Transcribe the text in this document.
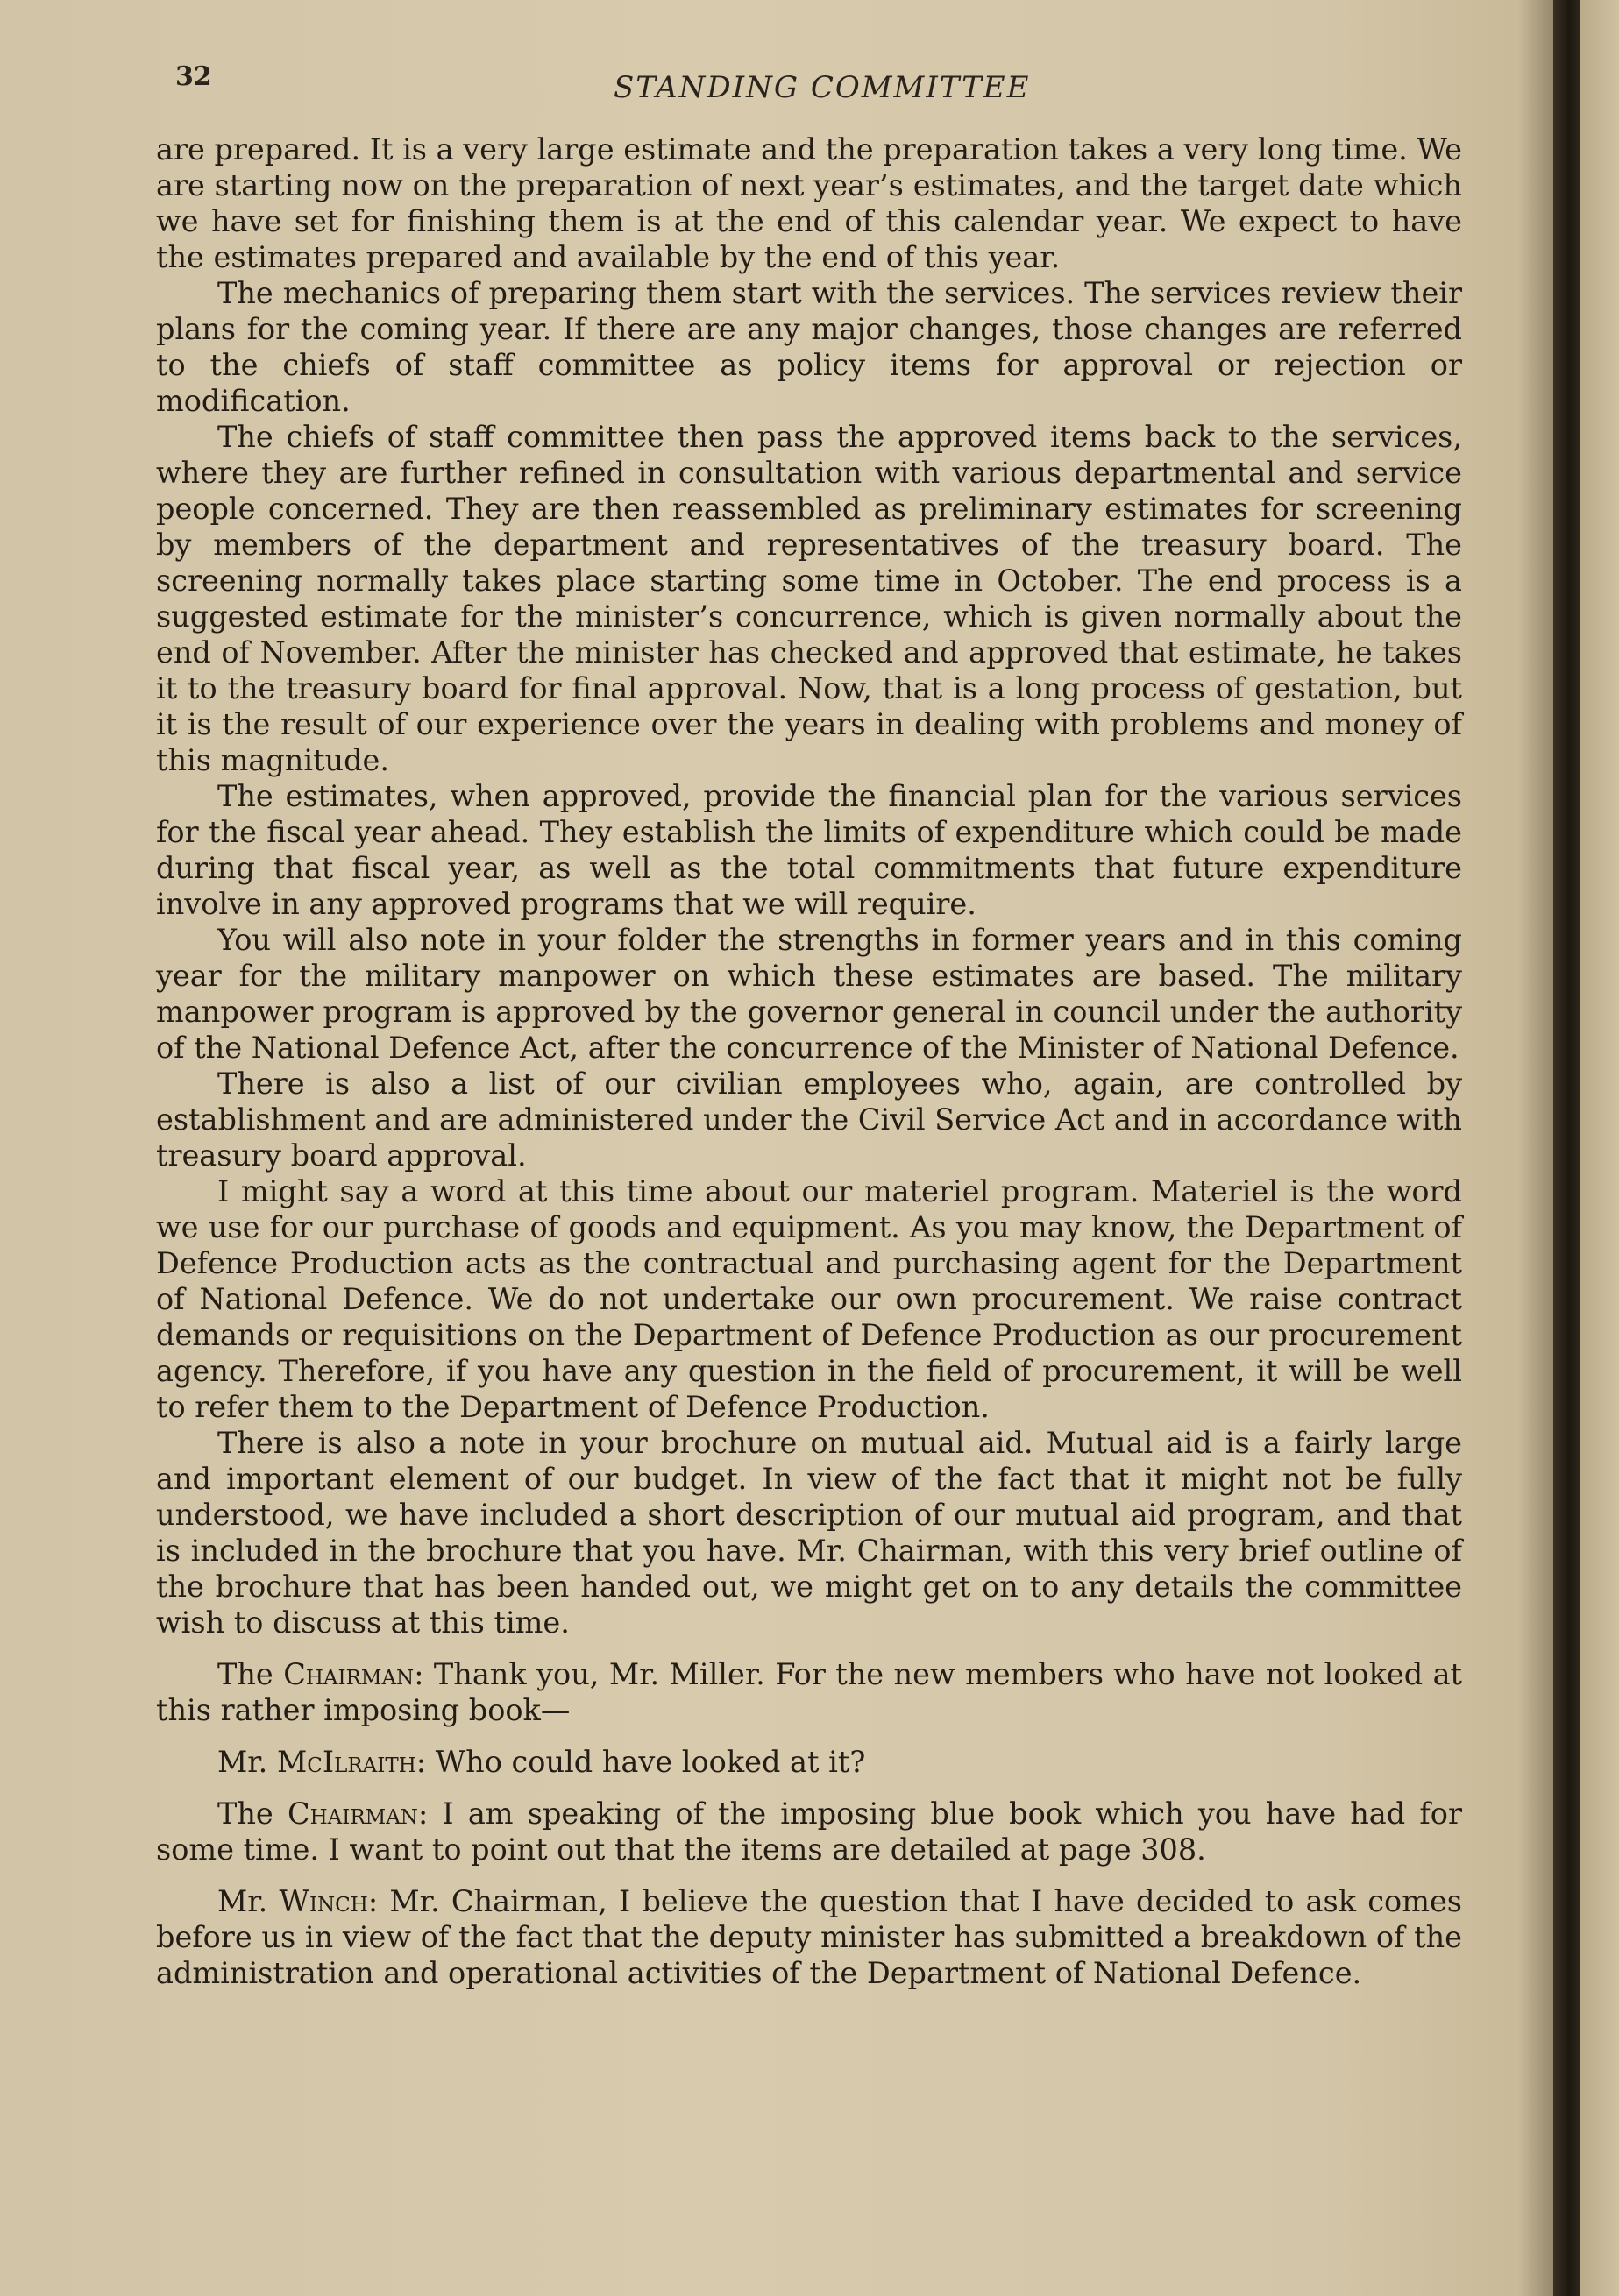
32	STANDING COMMITTEE

are prepared. It is a very large estimate and the preparation takes a very long time. We are starting now on the preparation of next year’s estimates, and the target date which we have set for finishing them is at the end of this calendar year. We expect to have the estimates prepared and available by the end of this year.

The mechanics of preparing them start with the services. The services review their plans for the coming year. If there are any major changes, those changes are referred to the chiefs of staff committee as policy items for approval or rejection or modification.

The chiefs of staff committee then pass the approved items back to the services, where they are further refined in consultation with various departmental and service people concerned. They are then reassembled as preliminary estimates for screening by members of the department and representatives of the treasury board. The screening normally takes place starting some time in October. The end process is a suggested estimate for the minister’s concurrence, which is given normally about the end of November. After the minister has checked and approved that estimate, he takes it to the treasury board for final approval. Now, that is a long process of gestation, but it is the result of our experience over the years in dealing with problems and money of this magnitude.

The estimates, when approved, provide the financial plan for the various services for the fiscal year ahead. They establish the limits of expenditure which could be made during that fiscal year, as well as the total commitments that future expenditure involve in any approved programs that we will require.

You will also note in your folder the strengths in former years and in this coming year for the military manpower on which these estimates are based. The military manpower program is approved by the governor general in council under the authority of the National Defence Act, after the concurrence of the Minister of National Defence.

There is also a list of our civilian employees who, again, are controlled by establishment and are administered under the Civil Service Act and in accordance with treasury board approval.

I might say a word at this time about our materiel program. Materiel is the word we use for our purchase of goods and equipment. As you may know, the Department of Defence Production acts as the contractual and purchasing agent for the Department of National Defence. We do not undertake our own procurement. We raise contract demands or requisitions on the Department of Defence Production as our procurement agency. Therefore, if you have any question in the field of procurement, it will be well to refer them to the Department of Defence Production.

There is also a note in your brochure on mutual aid. Mutual aid is a fairly large and important element of our budget. In view of the fact that it might not be fully understood, we have included a short description of our mutual aid program, and that is included in the brochure that you have. Mr. Chairman, with this very brief outline of the brochure that has been handed out, we might get on to any details the committee wish to discuss at this time.

The Chairman: Thank you, Mr. Miller. For the new members who have not looked at this rather imposing book—

Mr. McIlraith: Who could have looked at it?

The Chairman: I am speaking of the imposing blue book which you have had for some time. I want to point out that the items are detailed at page 308.

Mr. Winch: Mr. Chairman, I believe the question that I have decided to ask comes before us in view of the fact that the deputy minister has submitted a breakdown of the administration and operational activities of the Department of National Defence.
